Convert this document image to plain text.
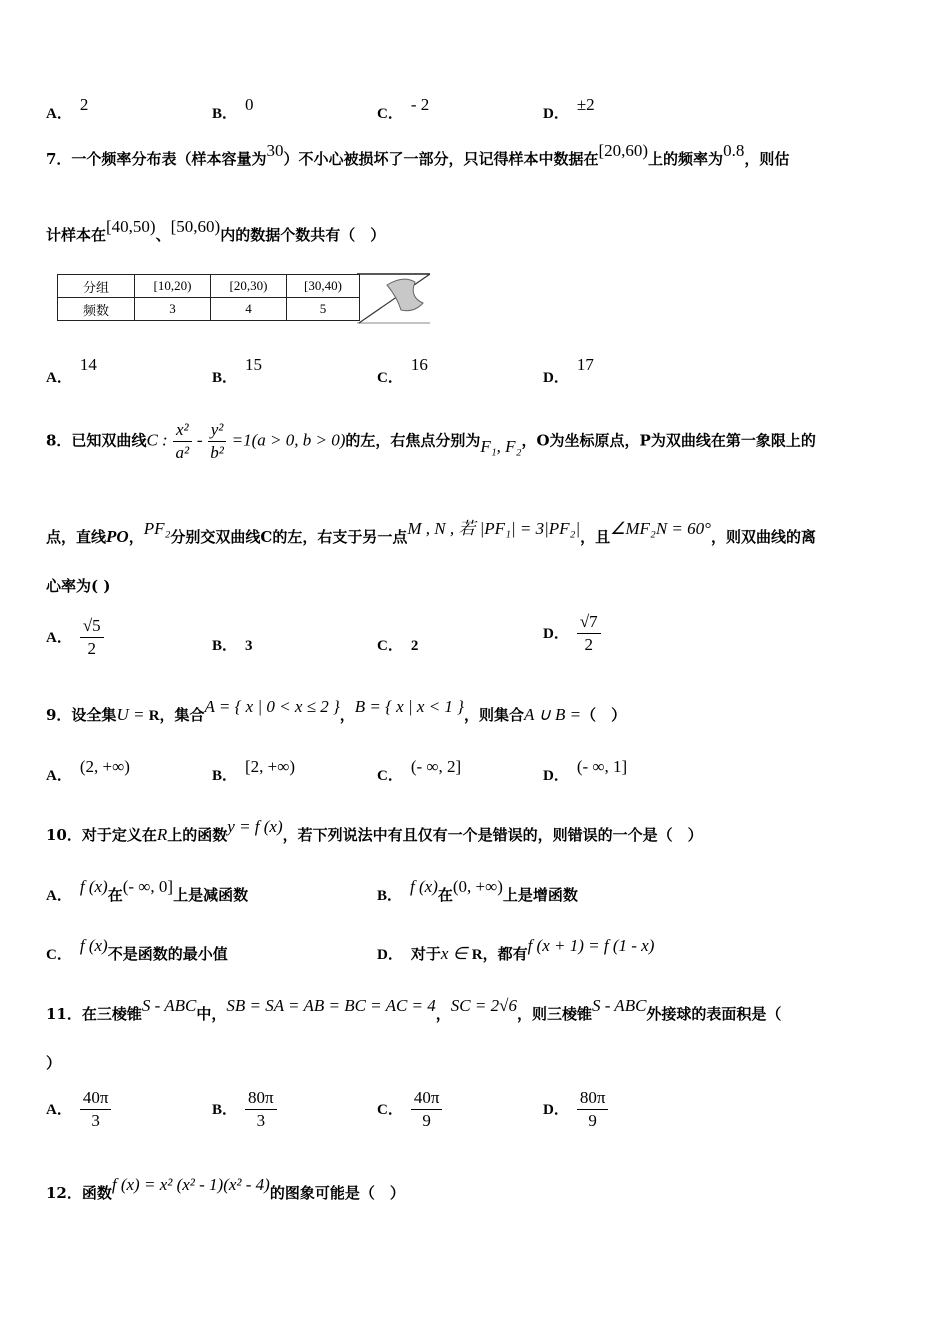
A． 2	B． 0	C． - 2	D． ±2
7．一个频率分布表（样本容量为30）不小心被损坏了一部分，只记得样本中数据在[20,60)上的频率为0.8，则估
计样本在[40,50)、[50,60)内的数据个数共有（　）
分组	[10,20)	[20,30)	[30,40)
频数	3	4	5
A．14
B．15
C．16
D．17
8．已知双曲线C : $\frac{\text{x²}}{\text{a²}} - \frac{\text{y²}}{\text{b²}} =1(a > 0$, b > 0)的左，右焦点分别为F₁, F₂，O为坐标原点，P为双曲线在第一象限上的
点，直线PO，PF₂分别交双曲线C的左，右支于另一点M , N , 若 |PF₁| = 3|PF₂|，且∠MF₂N = 60°，则双曲线的离
心率为( )
A． $\frac{√5}{2}$	B． 3	C． 2
D． $\frac{√7}{2}$
9．设全集U = R，集合A = { x | 0 < x ≤ 2 }，B = { x | x < 1 }，则集合A ∪ B =（　）
A． (2, +∞)	B． [2, +∞)	C． (- ∞, 2]	D． (- ∞, 1]
10．对于定义在R上的函数y = f (x)，若下列说法中有且仅有一个是错误的，则错误的一个是（　）
A． f (x)在(- ∞, 0]上是减函数	B． f (x)在(0, +∞)上是增函数
C． f (x)不是函数的最小值	D． 对于x ∈ R，都有f (x + 1) = f (1 - x)
11．在三棱锥S - ABC中，SB = SA = AB = BC = AC = 4，SC = 2√6，则三棱锥S - ABC外接球的表面积是（
）
A． $\frac{40\pi}{3}$	B． $\frac{80\pi}{3}$	C． $\frac{40\pi}{9}$	D． $\frac{80\pi}{9}$
12．函数f (x) = x² (x² - 1)(x² - 4)的图象可能是（　）
